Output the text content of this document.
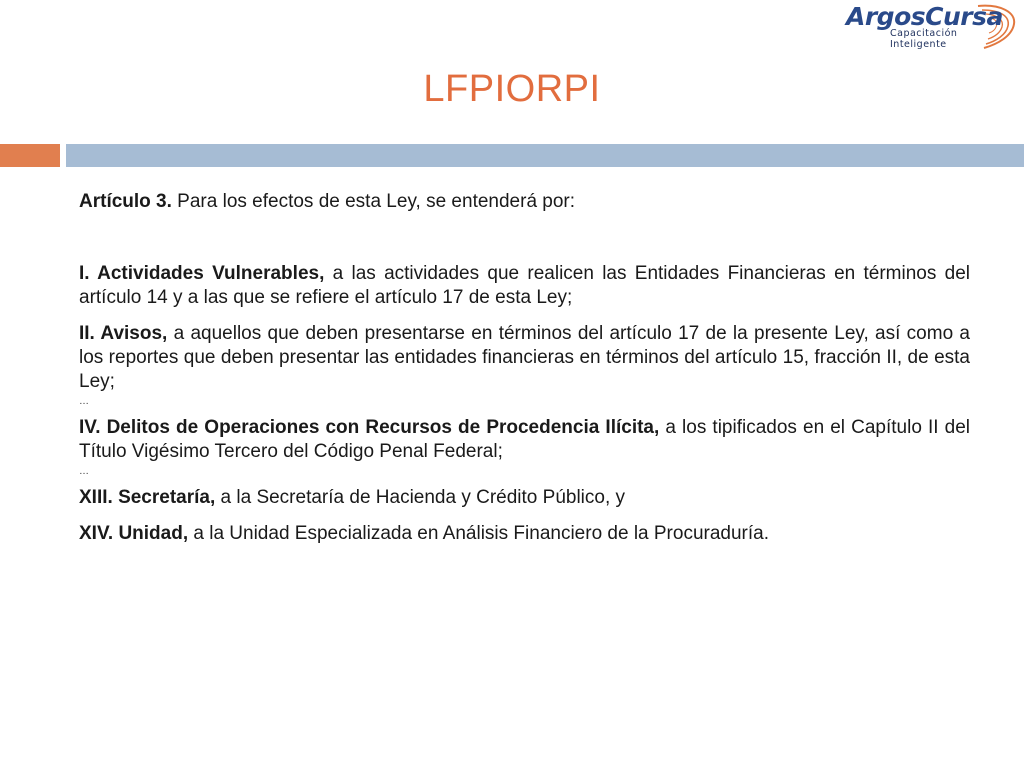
ArgosCursa
Capacitación
Inteligente
LFPIORPI

Artículo 3. Para los efectos de esta Ley, se entenderá por:

I. Actividades Vulnerables, a las actividades que realicen las Entidades Financieras en términos del artículo 14 y a las que se refiere el artículo 17 de esta Ley;

II. Avisos, a aquellos que deben presentarse en términos del artículo 17 de la presente Ley, así como a los reportes que deben presentar las entidades financieras en términos del artículo 15, fracción II, de esta Ley;

…

IV. Delitos de Operaciones con Recursos de Procedencia Ilícita, a los tipificados en el Capítulo II del Título Vigésimo Tercero del Código Penal Federal;

…

XIII. Secretaría, a la Secretaría de Hacienda y Crédito Público, y

XIV. Unidad, a la Unidad Especializada en Análisis Financiero de la Procuraduría.
